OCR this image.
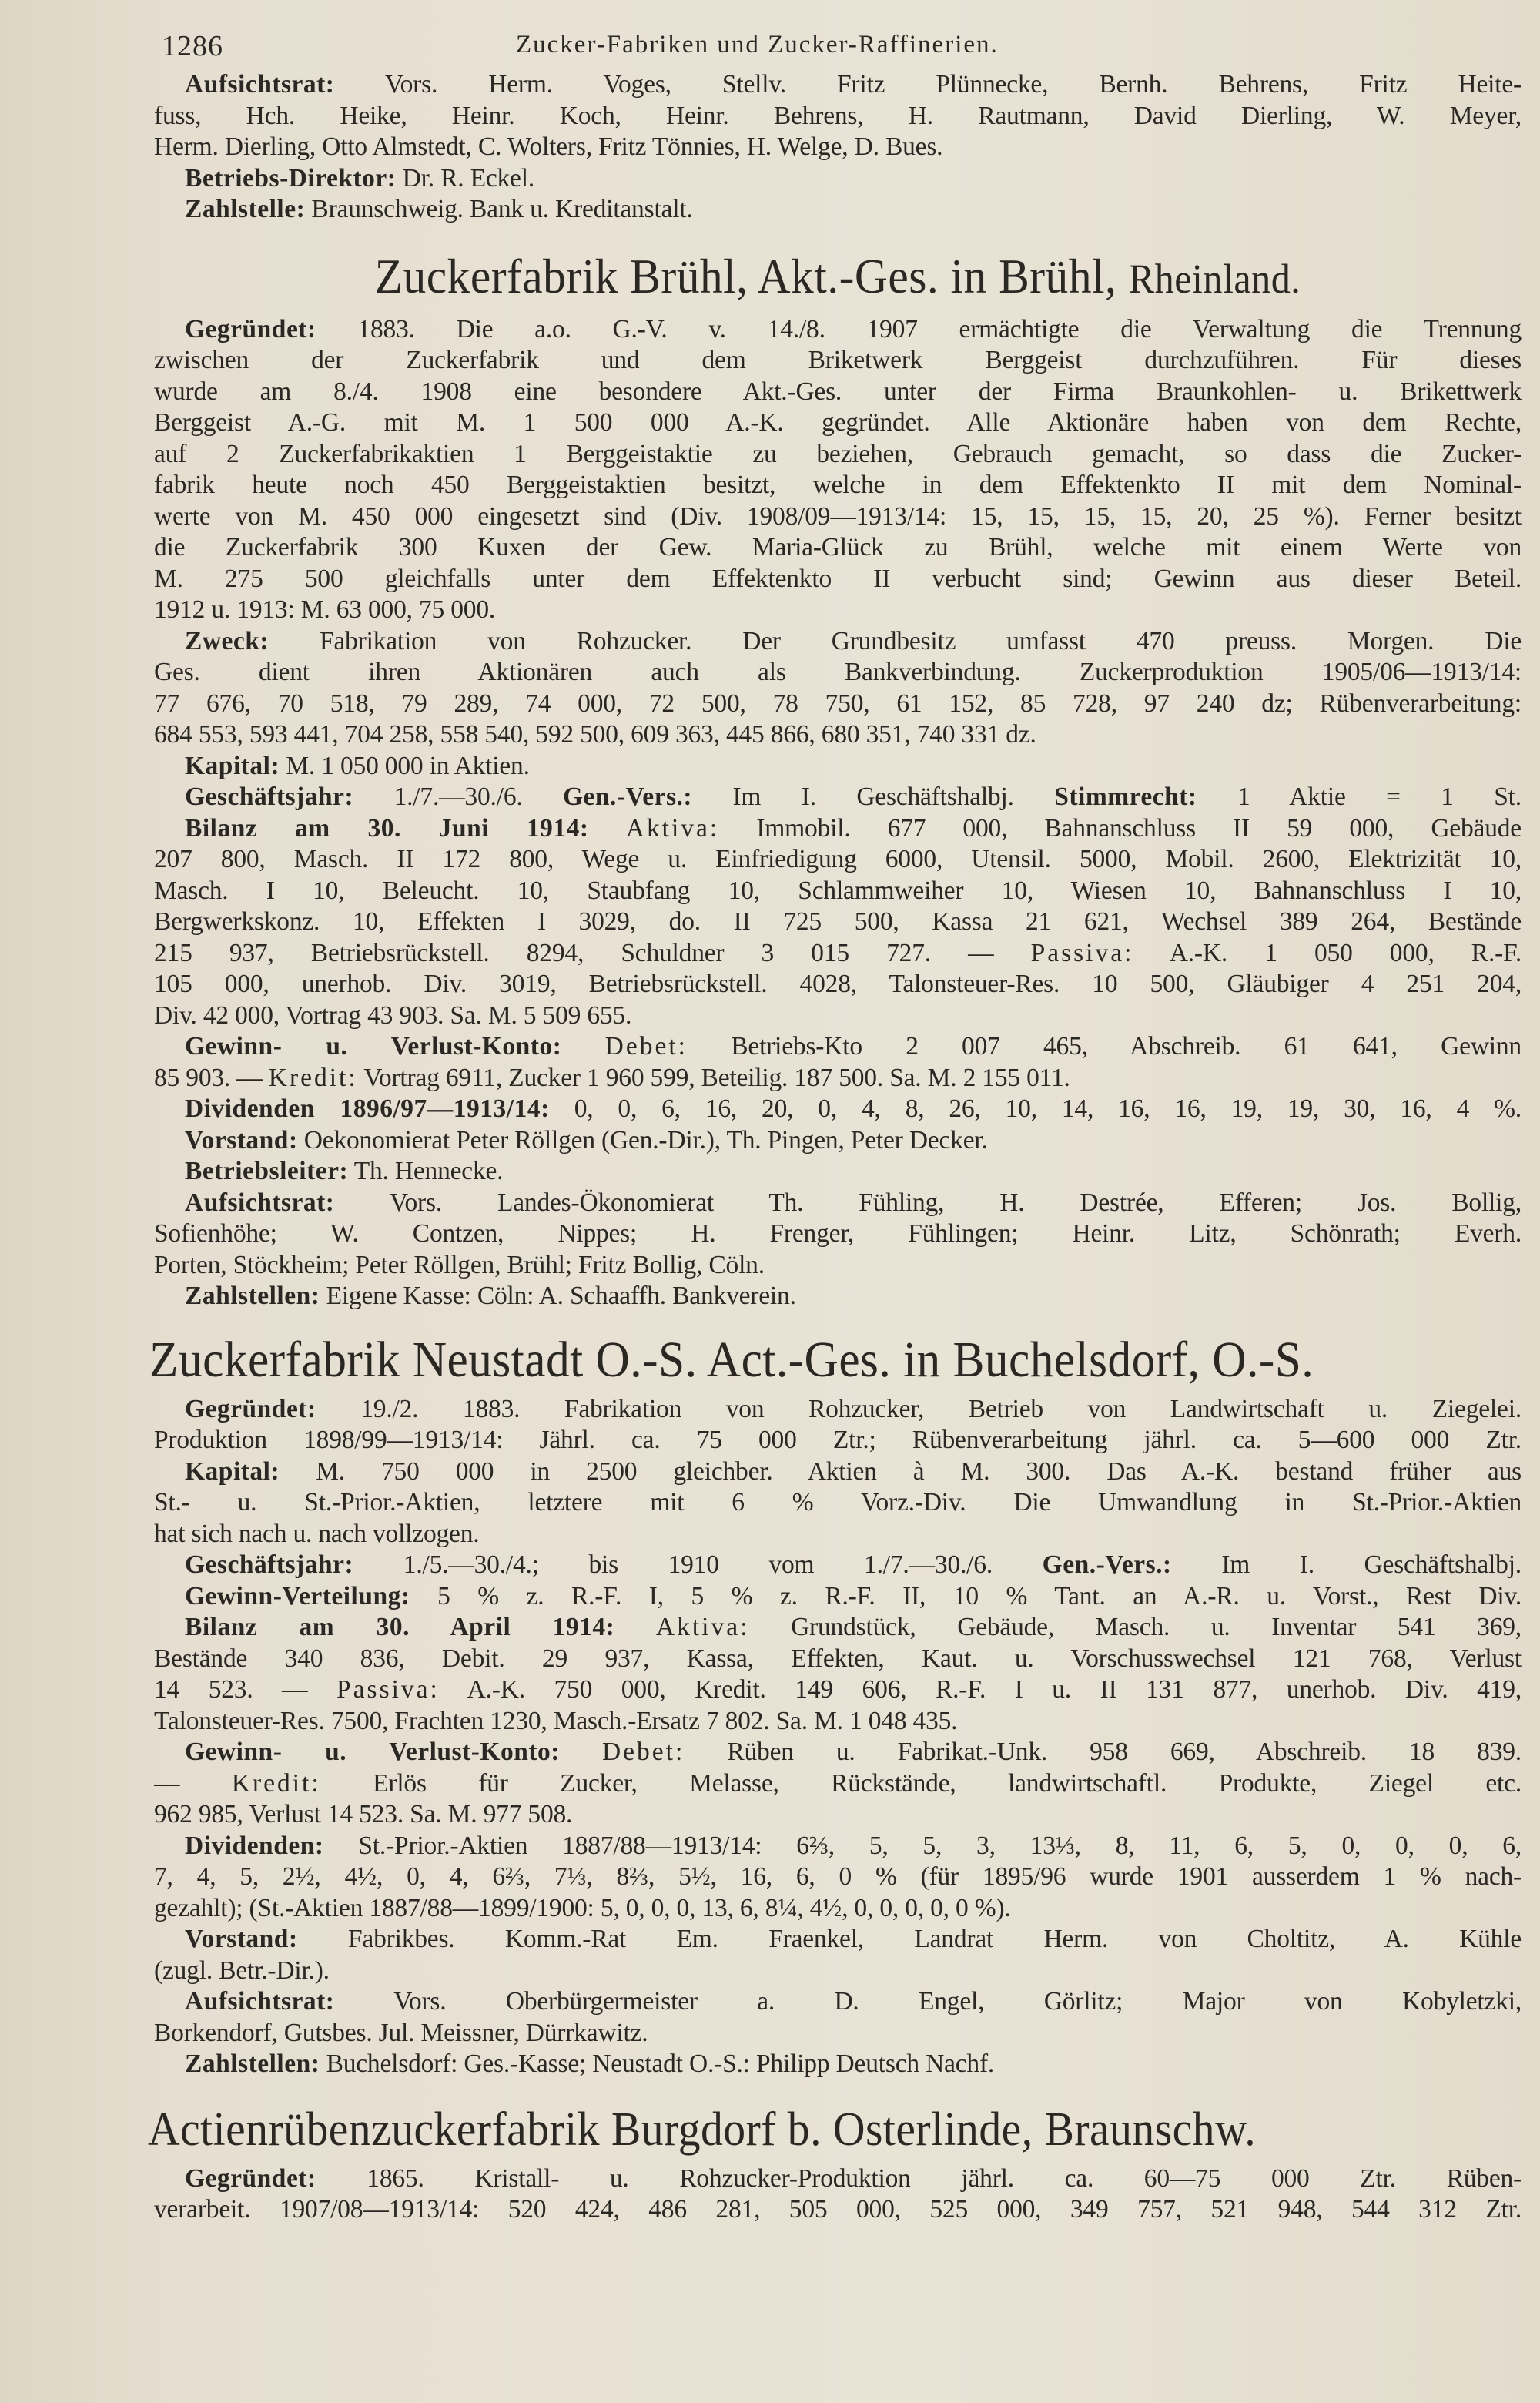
1286	Zucker-Fabriken und Zucker-Raffinerien.
Aufsichtsrat: Vors. Herm. Voges, Stellv. Fritz Plünnecke, Bernh. Behrens, Fritz Heite-
fuss, Hch. Heike, Heinr. Koch, Heinr. Behrens, H. Rautmann, David Dierling, W. Meyer,
Herm. Dierling, Otto Almstedt, C. Wolters, Fritz Tönnies, H. Welge, D. Bues.
Betriebs-Direktor: Dr. R. Eckel.
Zahlstelle: Braunschweig. Bank u. Kreditanstalt.
Zuckerfabrik Brühl, Akt.-Ges. in Brühl, Rheinland.
Gegründet: 1883. Die a.o. G.-V. v. 14./8. 1907 ermächtigte die Verwaltung die Trennung
zwischen der Zuckerfabrik und dem Briketwerk Berggeist durchzuführen. Für dieses
wurde am 8./4. 1908 eine besondere Akt.-Ges. unter der Firma Braunkohlen- u. Brikettwerk
Berggeist A.-G. mit M. 1 500 000 A.-K. gegründet. Alle Aktionäre haben von dem Rechte,
auf 2 Zuckerfabrikaktien 1 Berggeistaktie zu beziehen, Gebrauch gemacht, so dass die Zucker-
fabrik heute noch 450 Berggeistaktien besitzt, welche in dem Effektenkto II mit dem Nominal-
werte von M. 450 000 eingesetzt sind (Div. 1908/09—1913/14: 15, 15, 15, 15, 20, 25 %). Ferner besitzt
die Zuckerfabrik 300 Kuxen der Gew. Maria-Glück zu Brühl, welche mit einem Werte von
M. 275 500 gleichfalls unter dem Effektenkto II verbucht sind; Gewinn aus dieser Beteil.
1912 u. 1913: M. 63 000, 75 000.
Zweck: Fabrikation von Rohzucker. Der Grundbesitz umfasst 470 preuss. Morgen. Die
Ges. dient ihren Aktionären auch als Bankverbindung. Zuckerproduktion 1905/06—1913/14:
77 676, 70 518, 79 289, 74 000, 72 500, 78 750, 61 152, 85 728, 97 240 dz; Rübenverarbeitung:
684 553, 593 441, 704 258, 558 540, 592 500, 609 363, 445 866, 680 351, 740 331 dz.
Kapital: M. 1 050 000 in Aktien.
Geschäftsjahr: 1./7.—30./6. Gen.-Vers.: Im I. Geschäftshalbj. Stimmrecht: 1 Aktie = 1 St.
Bilanz am 30. Juni 1914: Aktiva: Immobil. 677 000, Bahnanschluss II 59 000, Gebäude
207 800, Masch. II 172 800, Wege u. Einfriedigung 6000, Utensil. 5000, Mobil. 2600, Elektrizität 10,
Masch. I 10, Beleucht. 10, Staubfang 10, Schlammweiher 10, Wiesen 10, Bahnanschluss I 10,
Bergwerkskonz. 10, Effekten I 3029, do. II 725 500, Kassa 21 621, Wechsel 389 264, Bestände
215 937, Betriebsrückstell. 8294, Schuldner 3 015 727. — Passiva: A.-K. 1 050 000, R.-F.
105 000, unerhob. Div. 3019, Betriebsrückstell. 4028, Talonsteuer-Res. 10 500, Gläubiger 4 251 204,
Div. 42 000, Vortrag 43 903. Sa. M. 5 509 655.
Gewinn- u. Verlust-Konto: Debet: Betriebs-Kto 2 007 465, Abschreib. 61 641, Gewinn
85 903. — Kredit: Vortrag 6911, Zucker 1 960 599, Beteilig. 187 500. Sa. M. 2 155 011.
Dividenden 1896/97—1913/14: 0, 0, 6, 16, 20, 0, 4, 8, 26, 10, 14, 16, 16, 19, 19, 30, 16, 4 %.
Vorstand: Oekonomierat Peter Röllgen (Gen.-Dir.), Th. Pingen, Peter Decker.
Betriebsleiter: Th. Hennecke.
Aufsichtsrat: Vors. Landes-Ökonomierat Th. Fühling, H. Destrée, Efferen; Jos. Bollig,
Sofienhöhe; W. Contzen, Nippes; H. Frenger, Fühlingen; Heinr. Litz, Schönrath; Everh.
Porten, Stöckheim; Peter Röllgen, Brühl; Fritz Bollig, Cöln.
Zahlstellen: Eigene Kasse: Cöln: A. Schaaffh. Bankverein.
Zuckerfabrik Neustadt O.-S. Act.-Ges. in Buchelsdorf, O.-S.
Gegründet: 19./2. 1883. Fabrikation von Rohzucker, Betrieb von Landwirtschaft u. Ziegelei.
Produktion 1898/99—1913/14: Jährl. ca. 75 000 Ztr.; Rübenverarbeitung jährl. ca. 5—600 000 Ztr.
Kapital: M. 750 000 in 2500 gleichber. Aktien à M. 300. Das A.-K. bestand früher aus
St.- u. St.-Prior.-Aktien, letztere mit 6 % Vorz.-Div. Die Umwandlung in St.-Prior.-Aktien
hat sich nach u. nach vollzogen.
Geschäftsjahr: 1./5.—30./4.; bis 1910 vom 1./7.—30./6. Gen.-Vers.: Im I. Geschäftshalbj.
Gewinn-Verteilung: 5 % z. R.-F. I, 5 % z. R.-F. II, 10 % Tant. an A.-R. u. Vorst., Rest Div.
Bilanz am 30. April 1914: Aktiva: Grundstück, Gebäude, Masch. u. Inventar 541 369,
Bestände 340 836, Debit. 29 937, Kassa, Effekten, Kaut. u. Vorschusswechsel 121 768, Verlust
14 523. — Passiva: A.-K. 750 000, Kredit. 149 606, R.-F. I u. II 131 877, unerhob. Div. 419,
Talonsteuer-Res. 7500, Frachten 1230, Masch.-Ersatz 7 802. Sa. M. 1 048 435.
Gewinn- u. Verlust-Konto: Debet: Rüben u. Fabrikat.-Unk. 958 669, Abschreib. 18 839.
— Kredit: Erlös für Zucker, Melasse, Rückstände, landwirtschaftl. Produkte, Ziegel etc.
962 985, Verlust 14 523. Sa. M. 977 508.
Dividenden: St.-Prior.-Aktien 1887/88—1913/14: 6⅔, 5, 5, 3, 13⅓, 8, 11, 6, 5, 0, 0, 0, 6,
7, 4, 5, 2½, 4½, 0, 4, 6⅔, 7⅓, 8⅔, 5½, 16, 6, 0 % (für 1895/96 wurde 1901 ausserdem 1 % nach-
gezahlt); (St.-Aktien 1887/88—1899/1900: 5, 0, 0, 0, 13, 6, 8¼, 4½, 0, 0, 0, 0, 0 %).
Vorstand: Fabrikbes. Komm.-Rat Em. Fraenkel, Landrat Herm. von Choltitz, A. Kühle
(zugl. Betr.-Dir.).
Aufsichtsrat: Vors. Oberbürgermeister a. D. Engel, Görlitz; Major von Kobyletzki,
Borkendorf, Gutsbes. Jul. Meissner, Dürrkawitz.
Zahlstellen: Buchelsdorf: Ges.-Kasse; Neustadt O.-S.: Philipp Deutsch Nachf.
Actienrübenzuckerfabrik Burgdorf b. Osterlinde, Braunschw.
Gegründet: 1865. Kristall- u. Rohzucker-Produktion jährl. ca. 60—75 000 Ztr. Rüben-
verarbeit. 1907/08—1913/14: 520 424, 486 281, 505 000, 525 000, 349 757, 521 948, 544 312 Ztr.
